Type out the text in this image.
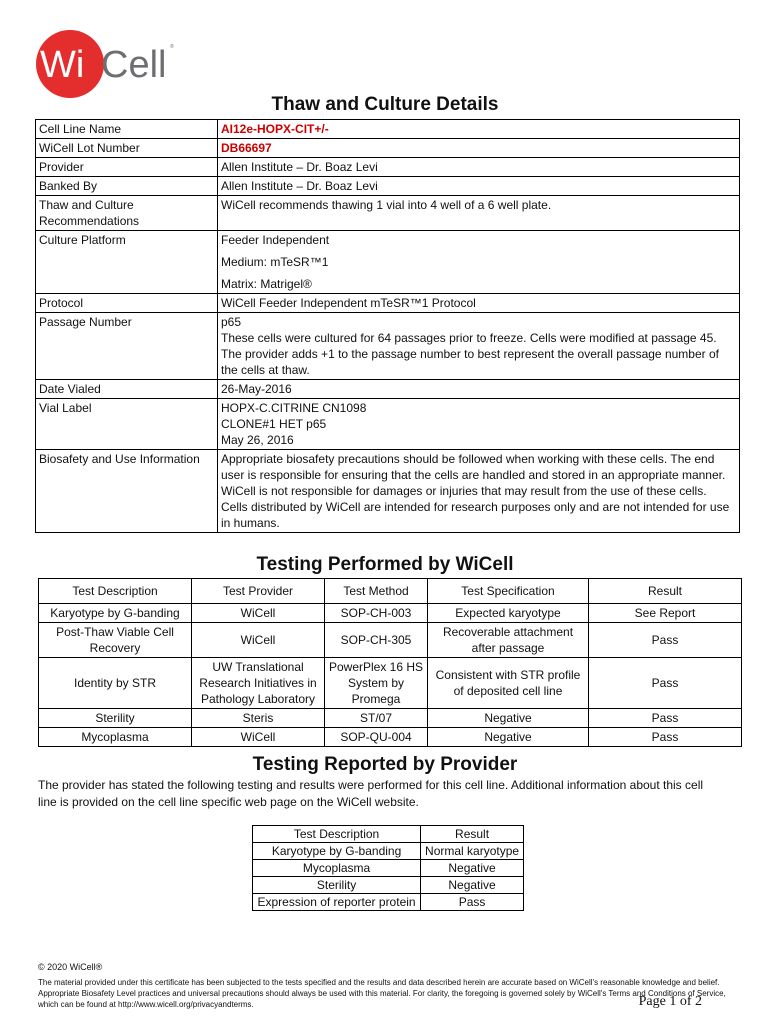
Wi Cell ®
Thaw and Culture Details
Cell Line Name	AI12e-HOPX-CIT+/-
WiCell Lot Number	DB66697
Provider	Allen Institute – Dr. Boaz Levi
Banked By	Allen Institute – Dr. Boaz Levi
Thaw and Culture Recommendations	WiCell recommends thawing 1 vial into 4 well of a 6 well plate.
Culture Platform	Feeder Independent
Medium: mTeSR™1
Matrix: Matrigel®

Protocol	WiCell Feeder Independent mTeSR™1 Protocol
Passage Number	p65
These cells were cultured for 64 passages prior to freeze. Cells were modified at passage 45. The provider adds +1 to the passage number to best represent the overall passage number of the cells at thaw.

Date Vialed	26-May-2016
Vial Label	HOPX-C.CITRINE CN1098
CLONE#1 HET p65
May 26, 2016

Biosafety and Use Information	Appropriate biosafety precautions should be followed when working with these cells. The end user is responsible for ensuring that the cells are handled and stored in an appropriate manner. WiCell is not responsible for damages or injuries that may result from the use of these cells.
Cells distributed by WiCell are intended for research purposes only and are not intended for use in humans.
Testing Performed by WiCell
Test Description	Test Provider	Test Method	Test Specification	Result
Karyotype by G-banding	WiCell	SOP-CH-003	Expected karyotype	See Report
Post-Thaw Viable Cell Recovery	WiCell	SOP-CH-305	Recoverable attachment after passage	Pass
Identity by STR	UW Translational Research Initiatives in Pathology Laboratory	PowerPlex 16 HS System by Promega	Consistent with STR profile of deposited cell line	Pass
Sterility	Steris	ST/07	Negative	Pass
Mycoplasma	WiCell	SOP-QU-004	Negative	Pass
Testing Reported by Provider
The provider has stated the following testing and results were performed for this cell line. Additional information about this cell line is provided on the cell line specific web page on the WiCell website.
Test Description	Result
Karyotype by G-banding	Normal karyotype
Mycoplasma	Negative
Sterility	Negative
Expression of reporter protein	Pass
© 2020 WiCell®
The material provided under this certificate has been subjected to the tests specified and the results and data described herein are accurate based on WiCell's reasonable knowledge and belief. Appropriate Biosafety Level practices and universal precautions should always be used with this material. For clarity, the foregoing is governed solely by WiCell's Terms and Conditions of Service, which can be found at http://www.wicell.org/privacyandterms.	Page 1 of 2
